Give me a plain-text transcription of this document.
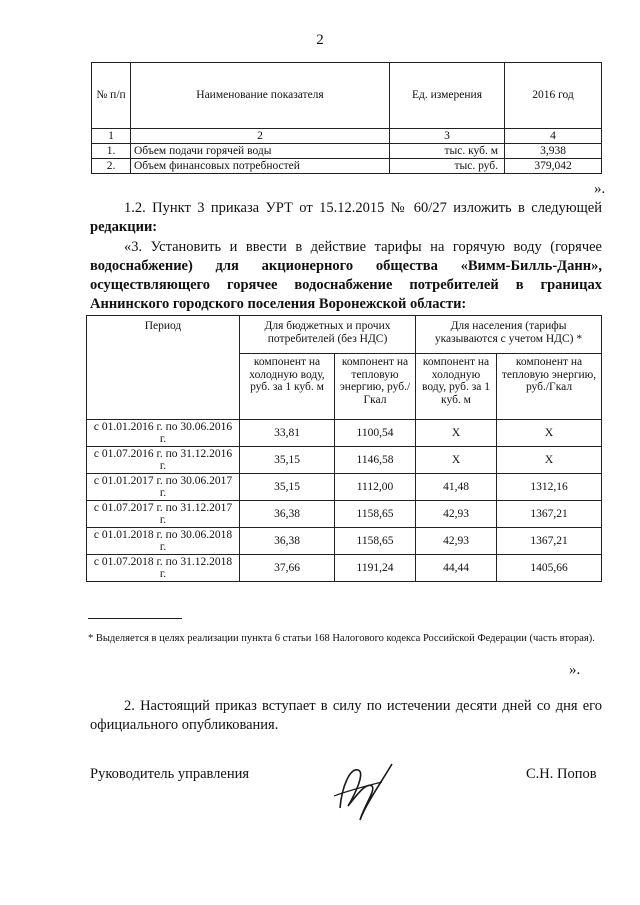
2
№ п/п	Наименование показателя	Ед. измерения	2016 год
1	2	3	4
1.	Объем подачи горячей воды	тыс. куб. м	3,938
2.	Объем финансовых потребностей	тыс. руб.	379,042
».
1.2. Пункт 3 приказа УРТ от 15.12.2015 № 60/27 изложить в следующей
редакции:
«3. Установить и ввести в действие тарифы на горячую воду (горячее
водоснабжение) для акционерного общества «Вимм-Билль-Данн»,
осуществляющего горячее водоснабжение потребителей в границах
Аннинского городского поселения Воронежской области:
Период	Для бюджетных и прочих потребителей (без НДС)		Для населения (тарифы указываются с учетом НДС) *	
	компонент на холодную воду, руб. за 1 куб. м	компонент на тепловую энергию, руб./Гкал	компонент на холодную воду, руб. за 1 куб. м	компонент на тепловую энергию, руб./Гкал
с 01.01.2016 г. по 30.06.2016 г.	33,81	1100,54	X	X
с 01.07.2016 г. по 31.12.2016 г.	35,15	1146,58	X	X
с 01.01.2017 г. по 30.06.2017 г.	35,15	1112,00	41,48	1312,16
с 01.07.2017 г. по 31.12.2017 г.	36,38	1158,65	42,93	1367,21
с 01.01.2018 г. по 30.06.2018 г.	36,38	1158,65	42,93	1367,21
с 01.07.2018 г. по 31.12.2018 г.	37,66	1191,24	44,44	1405,66
* Выделяется в целях реализации пункта 6 статьи 168 Налогового кодекса Российской Федерации (часть вторая).
».
2. Настоящий приказ вступает в силу по истечении десяти дней со дня его
официального опубликования.
Руководитель управления	С.Н. Попов
